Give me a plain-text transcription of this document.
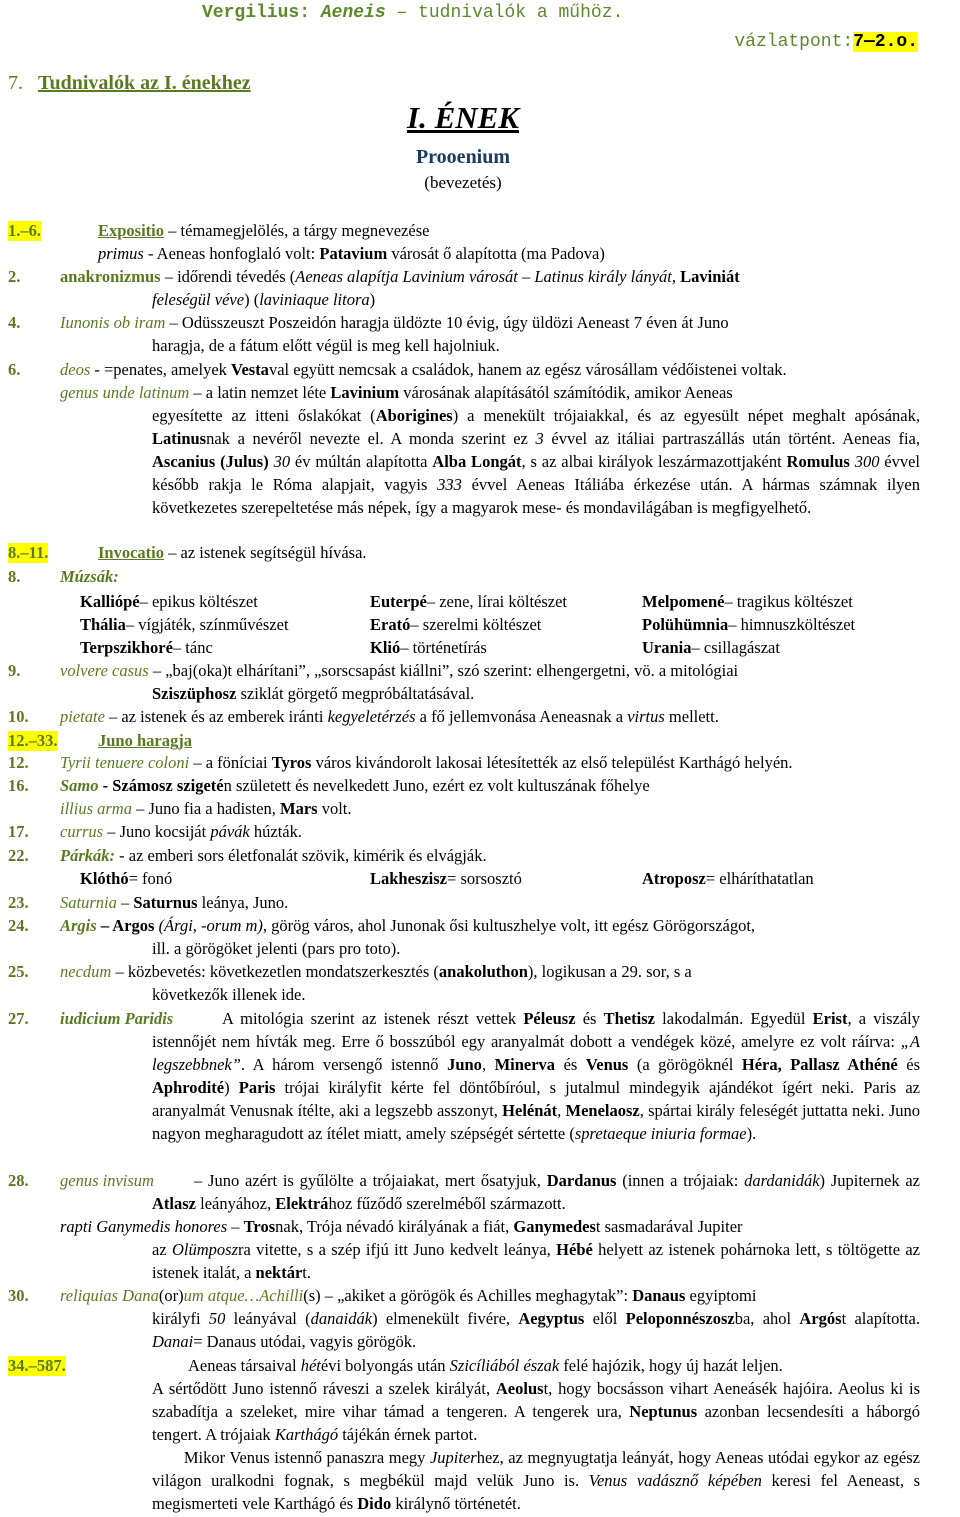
Vergilius: Aeneis – tudnivalók a műhöz.
vázlatpont:7—2.o.
7. Tudnivalók az I. énekhez
I. ÉNEK
Prooenium
(bevezetés)
1.–6.	Expositio – témamegjelölés, a tárgy megnevezése
primus - Aeneas honfoglaló volt: Patavium városát ő alapította (ma Padova)
2. anakronizmus – időrendi tévedés (Aeneas alapítja Lavinium városát – Latinus király lányát, Laviniát
feleségül véve) (laviniaque litora)
4. Iunonis ob iram – Odüsszeuszt Poszeidón haragja üldözte 10 évig, úgy üldözi Aeneast 7 éven át Juno
haragja, de a fátum előtt végül is meg kell hajolniuk.
6. deos - =penates, amelyek Vestaval együtt nemcsak a családok, hanem az egész városállam védőistenei voltak.
genus unde latinum – a latin nemzet léte Lavinium városának alapításától számítódik, amikor Aeneas

egyesítette az itteni őslakókat (Aborigines) a menekült trójaiakkal, és az egyesült népet meghalt apósának, Latinusnak a nevéről nevezte el. A monda szerint ez 3 évvel az itáliai partraszállás után történt. Aeneas fia, Ascanius (Julus) 30 év múltán alapította Alba Longát, s az albai királyok leszármazottjaként Romulus 300 évvel később rakja le Róma alapjait, vagyis 333 évvel Aeneas Itáliába érkezése után. A hármas számnak ilyen következetes szerepeltetése más népek, így a magyarok mese- és mondavilágában is megfigyelhető.

8.–11.	Invocatio – az istenek segítségül hívása.
8. Múzsák:
Kalliópé – epikus költészet	Euterpé – zene, lírai költészet	Melpomené – tragikus költészet
Thália – vígjáték, színművészet	Erató – szerelmi költészet	Polühümnia – himnuszköltészet
Terpszikhoré – tánc	Klió – történetírás	Urania – csillagászat
9. volvere casus – „baj(oka)t elhárítani”, „sorscsapást kiállni”, szó szerint: elhengergetni, vö. a mitológiai
Sziszüphosz sziklát görgető megpróbáltatásával.
10. pietate – az istenek és az emberek iránti kegyeletérzés a fő jellemvonása Aeneasnak a virtus mellett.
12.–33. Juno haragja
12. Tyrii tenuere coloni – a föníciai Tyros város kivándorolt lakosai létesítették az első települést Karthágó helyén.
16. Samo - Számosz szigetén született és nevelkedett Juno, ezért ez volt kultuszának főhelye
illius arma – Juno fia a hadisten, Mars volt.
17. currus – Juno kocsiját pávák húzták.
22. Párkák: - az emberi sors életfonalát szövik, kimérik és elvágják.
Klóthó = fonó	Lakheszisz = sorsosztó	Atroposz = elháríthatatlan
23. Saturnia – Saturnus leánya, Juno.
24. Argis – Argos (Árgi, -orum m), görög város, ahol Junonak ősi kultuszhelye volt, itt egész Görögországot,
ill. a görögöket jelenti (pars pro toto).
25. necdum – közbevetés: következetlen mondatszerkesztés (anakoluthon), logikusan a 29. sor, s a
következők illenek ide.
27. iudicium Paridis	A mitológia szerint az istenek részt vettek Péleusz és Thetisz lakodalmán. Egyedül Erist, a viszály istennőjét nem hívták meg. Erre ő bosszúból egy aranyalmát dobott a vendégek közé, amelyre ez volt ráírva: „A legszebbnek”. A három versengő istennő Juno, Minerva és Venus (a görögöknél Héra, Pallasz Athéné és Aphrodité) Paris trójai királyfit kérte fel döntőbíróul, s jutalmul mindegyik ajándékot ígért neki. Paris az aranyalmát Venusnak ítélte, aki a legszebb asszonyt, Helénát, Menelaosz, spártai király feleségét juttatta neki. Juno nagyon megharagudott az ítélet miatt, amely szépségét sértette (spretaeque iniuria formae).

28. genus invisum	– Juno azért is gyűlölte a trójaiakat, mert ősatyjuk, Dardanus (innen a trójaiak: dardanidák) Jupiternek az Atlasz leányához, Elektrához fűződő szerelméből származott.

rapti Ganymedis honores – Trosnak, Trója névadó királyának a fiát, Ganymedest sasmadarával Jupiter

az Olümposzra vitette, s a szép ifjú itt Juno kedvelt leánya, Hébé helyett az istenek pohárnoka lett, s töltögette az istenek italát, a nektárt.

30. reliquias Dana(or)um atque…Achilli(s) – „akiket a görögök és Achilles meghagytak”: Danaus egyiptomi

királyfi 50 leányával (danaidák) elmenekült fivére, Aegyptus elől Peloponnészoszba, ahol Argóst alapította. Danai= Danaus utódai, vagyis görögök.

34.–587.	Aeneas társaival hétévi bolyongás után Szicíliából észak felé hajózik, hogy új hazát leljen.

A sértődött Juno istennő ráveszi a szelek királyát, Aeolust, hogy bocsásson vihart Aeneásék hajóira. Aeolus ki is szabadítja a szeleket, mire vihar támad a tengeren. A tengerek ura, Neptunus azonban lecsendesíti a háborgó tengert. A trójaiak Karthágó tájékán érnek partot.

Mikor Venus istennő panaszra megy Jupiterhez, az megnyugtatja leányát, hogy Aeneas utódai egykor az egész világon uralkodni fognak, s megbékül majd velük Juno is. Venus vadásznő képében keresi fel Aeneast, s megismerteti vele Karthágó és Dido királynő történetét.
